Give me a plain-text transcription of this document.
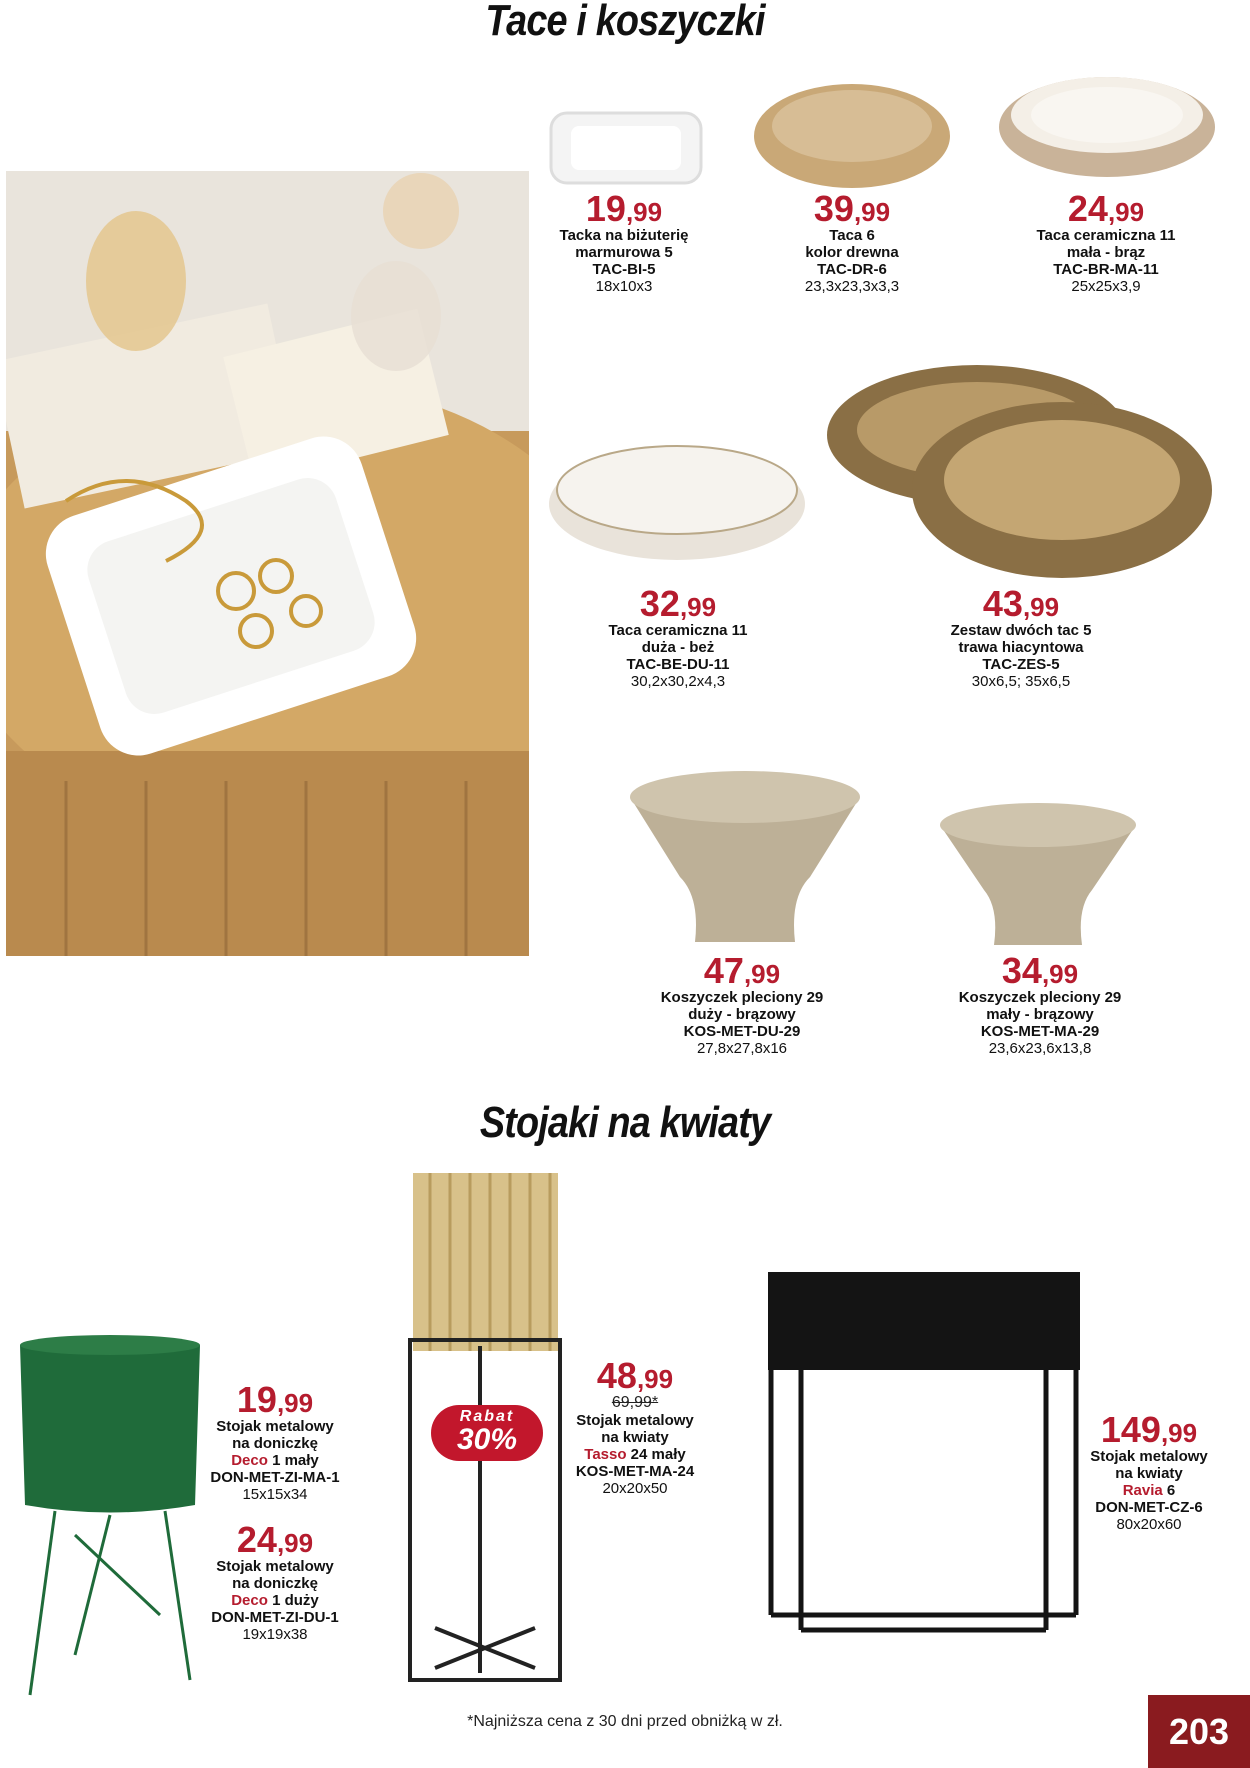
Tace i koszyczki
Stojaki na kwiaty
19,99
Tacka na biżuterię
marmurowa 5
TAC-BI-5
18x10x3
39,99
Taca 6
kolor drewna
TAC-DR-6
23,3x23,3x3,3
24,99
Taca ceramiczna 11
mała - brąz
TAC-BR-MA-11
25x25x3,9
32,99
Taca ceramiczna 11
duża - beż
TAC-BE-DU-11
30,2x30,2x4,3
43,99
Zestaw dwóch tac 5
trawa hiacyntowa
TAC-ZES-5
30x6,5; 35x6,5
47,99
Koszyczek pleciony 29
duży - brązowy
KOS-MET-DU-29
27,8x27,8x16
34,99
Koszyczek pleciony 29
mały - brązowy
KOS-MET-MA-29
23,6x23,6x13,8
Rabat
30%
19,99
Stojak metalowy
na doniczkę
Deco 1 mały
DON-MET-ZI-MA-1
15x15x34
24,99
Stojak metalowy
na doniczkę
Deco 1 duży
DON-MET-ZI-DU-1
19x19x38
48,99
69,99*
Stojak metalowy
na kwiaty
Tasso 24 mały
KOS-MET-MA-24
20x20x50
149,99
Stojak metalowy
na kwiaty
Ravia 6
DON-MET-CZ-6
80x20x60
*Najniższa cena z 30 dni przed obniżką w zł.	203
